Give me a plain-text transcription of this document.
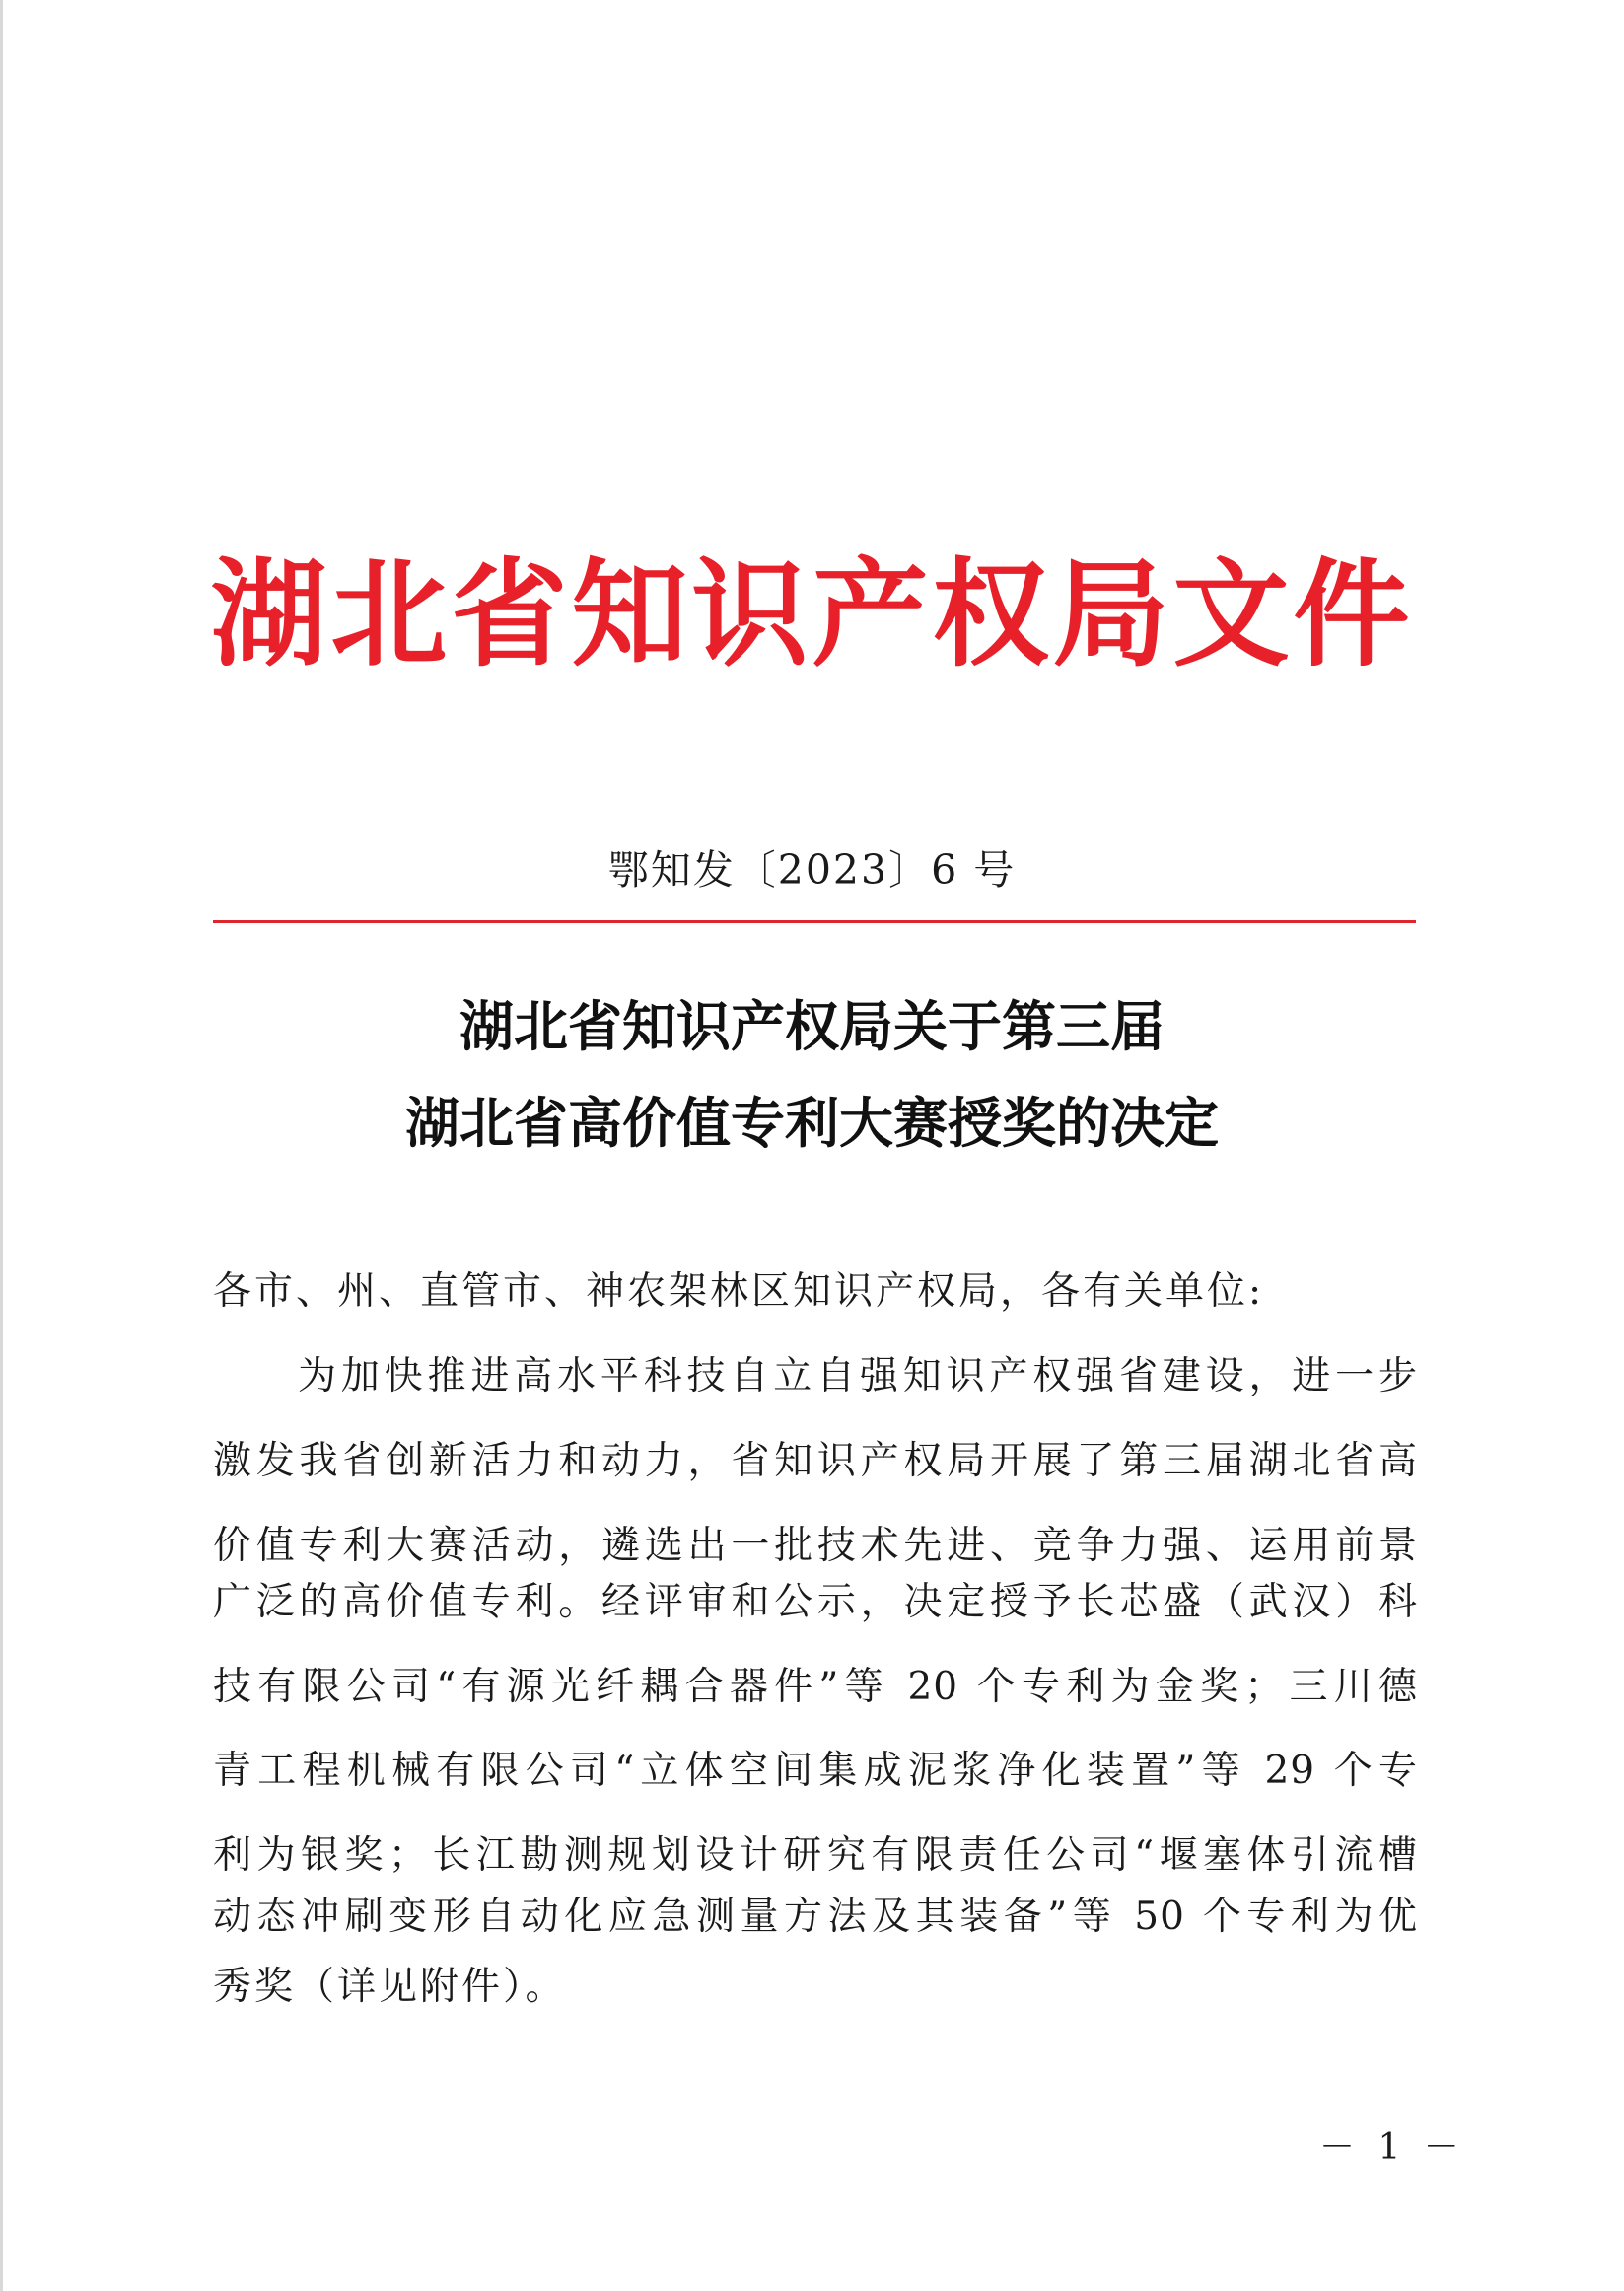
湖北省知识产权局文件
鄂知发〔2023〕6 号
湖北省知识产权局关于第三届
湖北省高价值专利大赛授奖的决定
各市、州、直管市、神农架林区知识产权局，各有关单位:
为加快推进高水平科技自立自强知识产权强省建设，进一步
激发我省创新活力和动力，省知识产权局开展了第三届湖北省高
价值专利大赛活动，遴选出一批技术先进、竞争力强、运用前景
广泛的高价值专利。经评审和公示，决定授予长芯盛（武汉）科
技有限公司“有源光纤耦合器件”等 20 个专利为金奖；三川德
青工程机械有限公司“立体空间集成泥浆净化装置”等 29 个专
利为银奖；长江勘测规划设计研究有限责任公司“堰塞体引流槽
动态冲刷变形自动化应急测量方法及其装备”等 50 个专利为优
秀奖（详见附件）。
－ 1 －
